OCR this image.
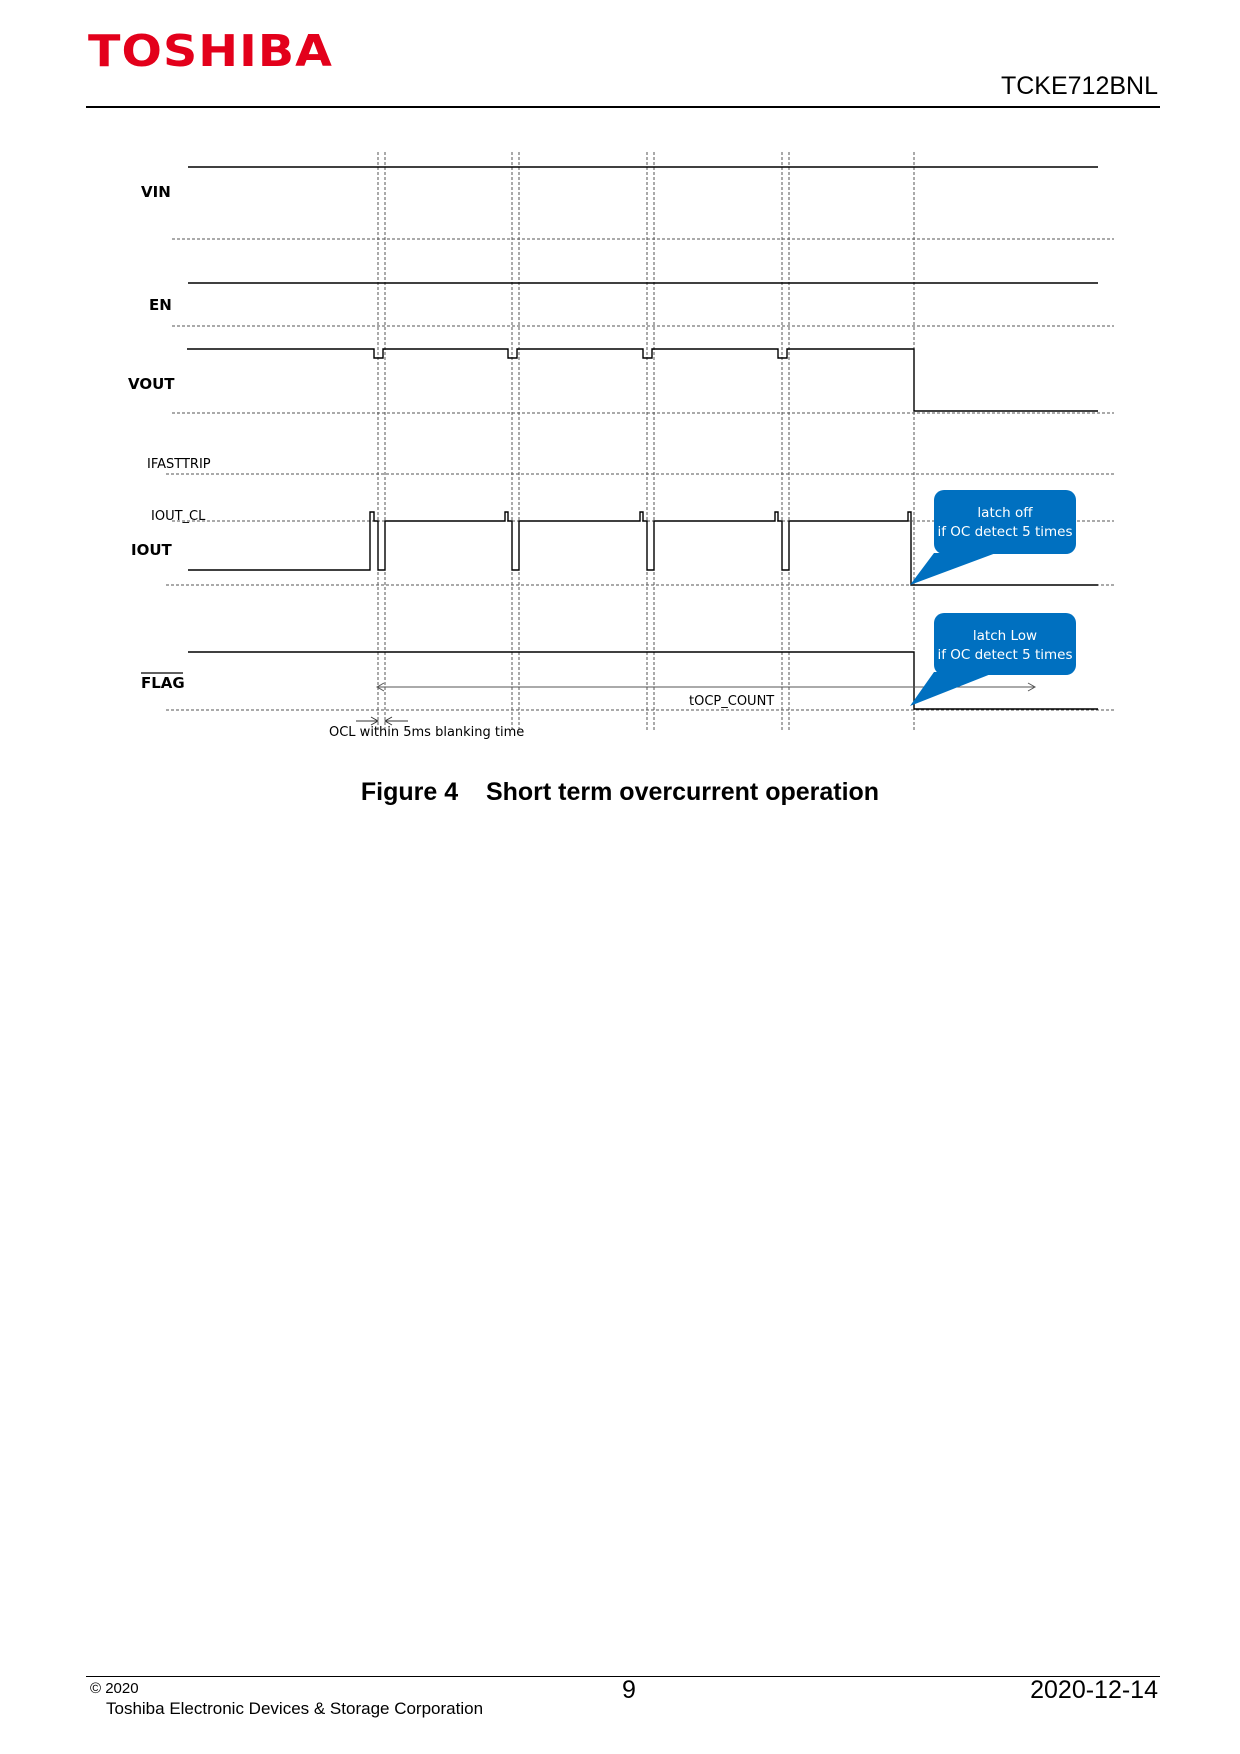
TOSHIBA
TCKE712BNL
VIN
EN
VOUT
IFASTTRIP
IOUT_CL
IOUT
FLAG
tOCP_COUNT
OCL within 5ms blanking time
latch off
if OC detect 5 times
latch Low
if OC detect 5 times
Figure 4 Short term overcurrent operation
© 2020
Toshiba Electronic Devices & Storage Corporation
9	2020-12-14
